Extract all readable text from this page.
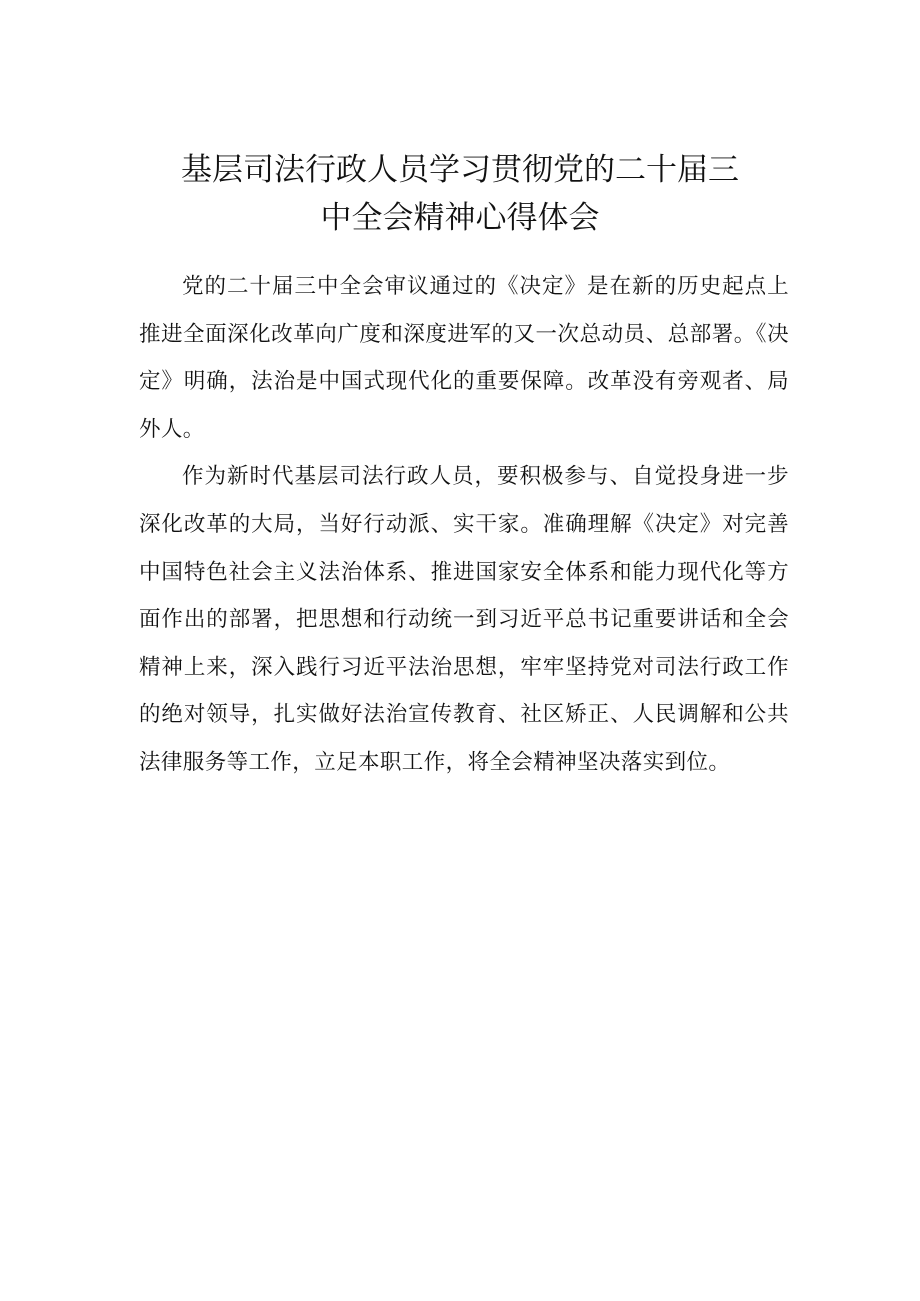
基层司法行政人员学习贯彻党的二十届三
中全会精神心得体会

党的二十届三中全会审议通过的《决定》是在新的历史起点上推进全面深化改革向广度和深度进军的又一次总动员、总部署。《决定》明确，法治是中国式现代化的重要保障。改革没有旁观者、局外人。

作为新时代基层司法行政人员，要积极参与、自觉投身进一步深化改革的大局，当好行动派、实干家。准确理解《决定》对完善中国特色社会主义法治体系、推进国家安全体系和能力现代化等方面作出的部署，把思想和行动统一到习近平总书记重要讲话和全会精神上来，深入践行习近平法治思想，牢牢坚持党对司法行政工作的绝对领导，扎实做好法治宣传教育、社区矫正、人民调解和公共法律服务等工作，立足本职工作，将全会精神坚决落实到位。
